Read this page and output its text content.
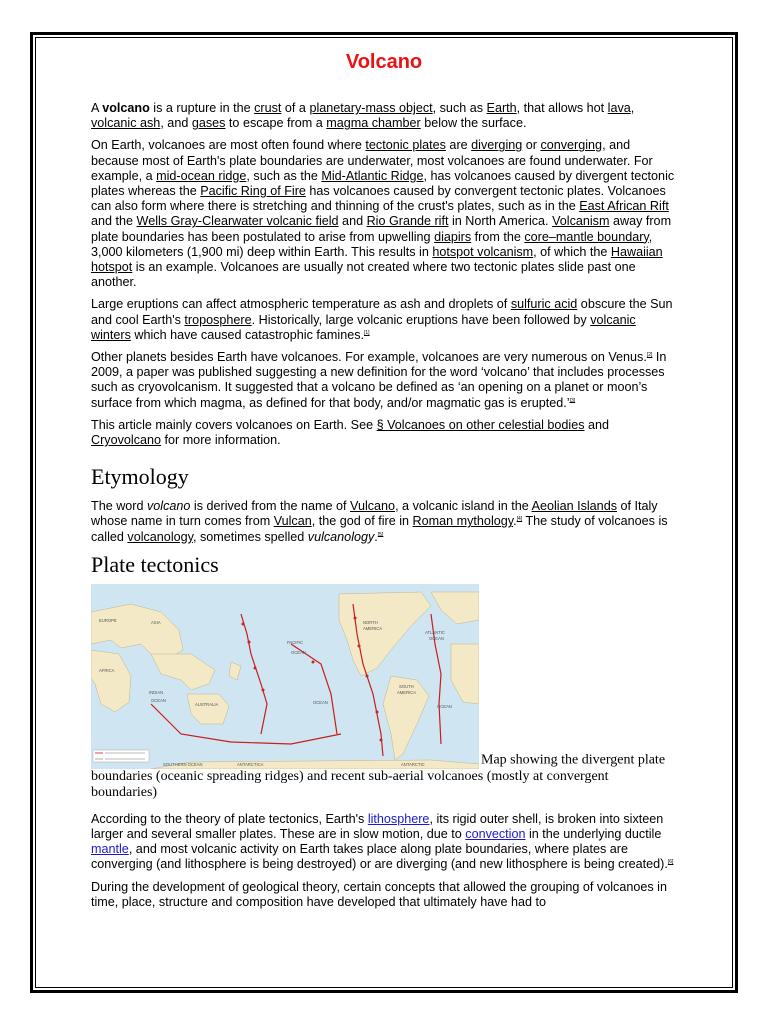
Volcano

A volcano is a rupture in the crust of a planetary-mass object, such as Earth, that allows hot lava, volcanic ash, and gases to escape from a magma chamber below the surface.

On Earth, volcanoes are most often found where tectonic plates are diverging or converging, and because most of Earth's plate boundaries are underwater, most volcanoes are found underwater. For example, a mid-ocean ridge, such as the Mid-Atlantic Ridge, has volcanoes caused by divergent tectonic plates whereas the Pacific Ring of Fire has volcanoes caused by convergent tectonic plates. Volcanoes can also form where there is stretching and thinning of the crust's plates, such as in the East African Rift and the Wells Gray-Clearwater volcanic field and Rio Grande rift in North America. Volcanism away from plate boundaries has been postulated to arise from upwelling diapirs from the core–mantle boundary, 3,000 kilometers (1,900 mi) deep within Earth. This results in hotspot volcanism, of which the Hawaiian hotspot is an example. Volcanoes are usually not created where two tectonic plates slide past one another.

Large eruptions can affect atmospheric temperature as ash and droplets of sulfuric acid obscure the Sun and cool Earth's troposphere. Historically, large volcanic eruptions have been followed by volcanic winters which have caused catastrophic famines.[1]

Other planets besides Earth have volcanoes. For example, volcanoes are very numerous on Venus.[2] In 2009, a paper was published suggesting a new definition for the word ‘volcano’ that includes processes such as cryovolcanism. It suggested that a volcano be defined as ‘an opening on a planet or moon’s surface from which magma, as defined for that body, and/or magmatic gas is erupted.’[3]

This article mainly covers volcanoes on Earth. See § Volcanoes on other celestial bodies and Cryovolcano for more information.

Etymology

The word volcano is derived from the name of Vulcano, a volcanic island in the Aeolian Islands of Italy whose name in turn comes from Vulcan, the god of fire in Roman mythology.[4] The study of volcanoes is called volcanology, sometimes spelled vulcanology.[5]

Plate tectonics
EUROPE	ASIA
AFRICA
PACIFIC
OCEAN
INDIAN
OCEAN
AUSTRALIA
NORTH
AMERICA
ATLANTIC
OCEAN
SOUTH
AMERICA
OCEAN
OCEAN
ANTARCTIC
SOUTHERN OCEAN	ANTARCTICA	Map showing the divergent plate boundaries (oceanic spreading ridges) and recent sub-aerial volcanoes (mostly at convergent boundaries)

According to the theory of plate tectonics, Earth's lithosphere, its rigid outer shell, is broken into sixteen larger and several smaller plates. These are in slow motion, due to convection in the underlying ductile mantle, and most volcanic activity on Earth takes place along plate boundaries, where plates are converging (and lithosphere is being destroyed) or are diverging (and new lithosphere is being created).[6]

During the development of geological theory, certain concepts that allowed the grouping of volcanoes in time, place, structure and composition have developed that ultimately have had to
